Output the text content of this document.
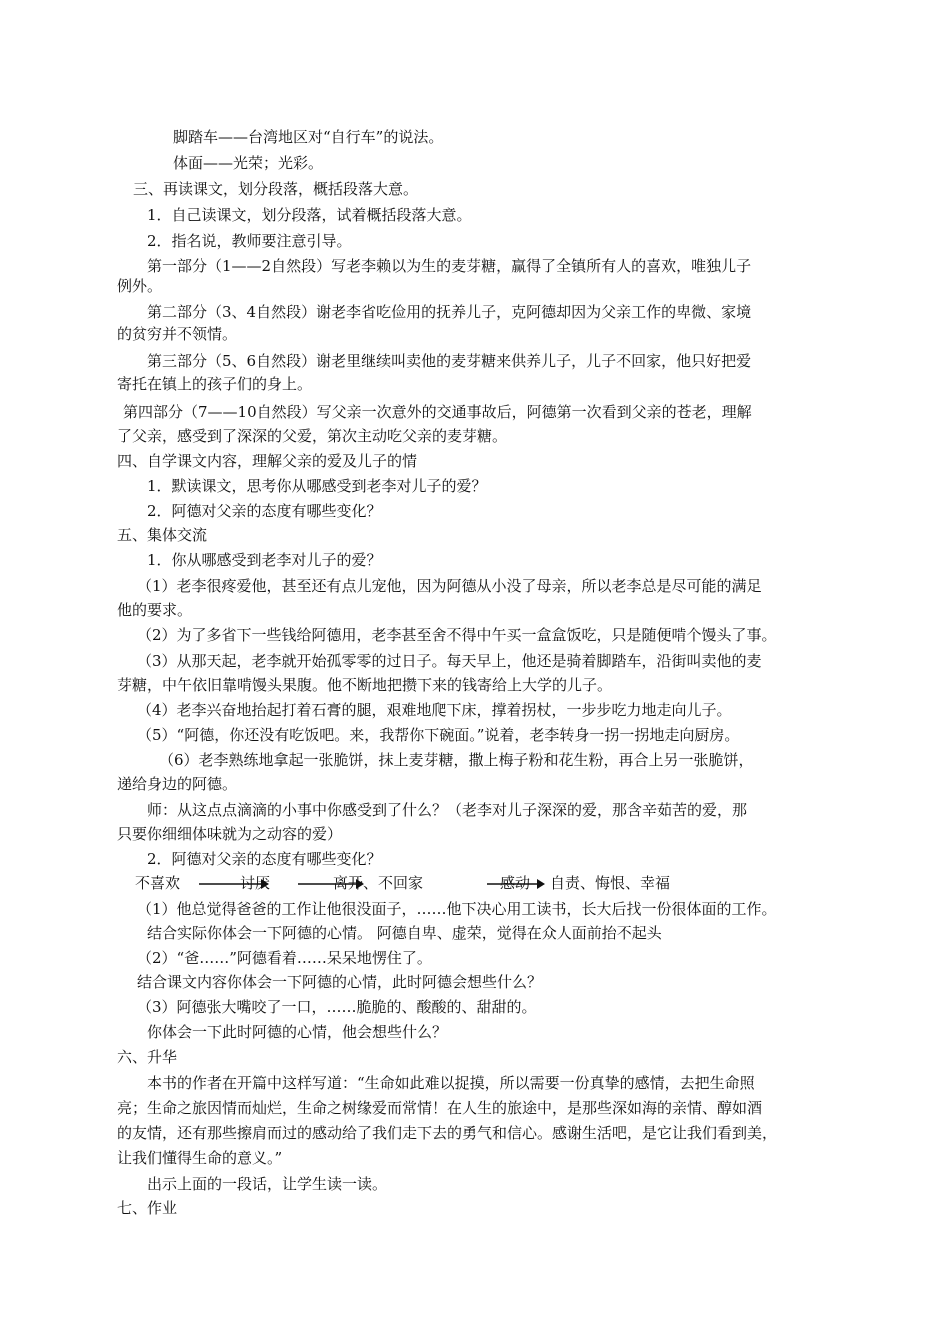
脚踏车——台湾地区对“自行车”的说法。
体面——光荣；光彩。
三、再读课文，划分段落，概括段落大意。
1．自己读课文，划分段落，试着概括段落大意。
2．指名说，教师要注意引导。
第一部分（1——2自然段）写老李赖以为生的麦芽糖，赢得了全镇所有人的喜欢，唯独儿子
例外。
第二部分（3、4自然段）谢老李省吃俭用的抚养儿子，克阿德却因为父亲工作的卑微、家境
的贫穷并不领情。
第三部分（5、6自然段）谢老里继续叫卖他的麦芽糖来供养儿子，儿子不回家，他只好把爱
寄托在镇上的孩子们的身上。
第四部分（7——10自然段）写父亲一次意外的交通事故后，阿德第一次看到父亲的苍老，理解
了父亲，感受到了深深的父爱，第次主动吃父亲的麦芽糖。
四、自学课文内容，理解父亲的爱及儿子的情
1．默读课文，思考你从哪感受到老李对儿子的爱？
2．阿德对父亲的态度有哪些变化？
五、集体交流
1．你从哪感受到老李对儿子的爱？
（1）老李很疼爱他，甚至还有点儿宠他，因为阿德从小没了母亲，所以老李总是尽可能的满足
他的要求。
（2）为了多省下一些钱给阿德用，老李甚至舍不得中午买一盒盒饭吃，只是随便啃个馒头了事。
（3）从那天起，老李就开始孤零零的过日子。每天早上，他还是骑着脚踏车，沿街叫卖他的麦
芽糖，中午依旧靠啃馒头果腹。他不断地把攒下来的钱寄给上大学的儿子。
（4）老李兴奋地抬起打着石膏的腿，艰难地爬下床，撑着拐杖，一步步吃力地走向儿子。
（5）“阿德，你还没有吃饭吧。来，我帮你下碗面。”说着，老李转身一拐一拐地走向厨房。
（6）老李熟练地拿起一张脆饼，抹上麦芽糖，撒上梅子粉和花生粉，再合上另一张脆饼，
递给身边的阿德。
师：从这点点滴滴的小事中你感受到了什么？（老李对儿子深深的爱，那含辛茹苦的爱，那
只要你细细体味就为之动容的爱）
2．阿德对父亲的态度有哪些变化？
不喜欢	讨厌	离开、不回家	感动 自责、悔恨、幸福
（1）他总觉得爸爸的工作让他很没面子，……他下决心用工读书，长大后找一份很体面的工作。
结合实际你体会一下阿德的心情。 阿德自卑、虚荣，觉得在众人面前抬不起头
（2）“爸……”阿德看着……呆呆地愣住了。
结合课文内容你体会一下阿德的心情，此时阿德会想些什么？
（3）阿德张大嘴咬了一口，……脆脆的、酸酸的、甜甜的。
你体会一下此时阿德的心情，他会想些什么？
六、升华
本书的作者在开篇中这样写道：“生命如此难以捉摸，所以需要一份真挚的感情，去把生命照
亮；生命之旅因情而灿烂，生命之树缘爱而常情！在人生的旅途中，是那些深如海的亲情、醇如酒
的友情，还有那些擦肩而过的感动给了我们走下去的勇气和信心。感谢生活吧，是它让我们看到美，
让我们懂得生命的意义。”
出示上面的一段话，让学生读一读。
七、作业
